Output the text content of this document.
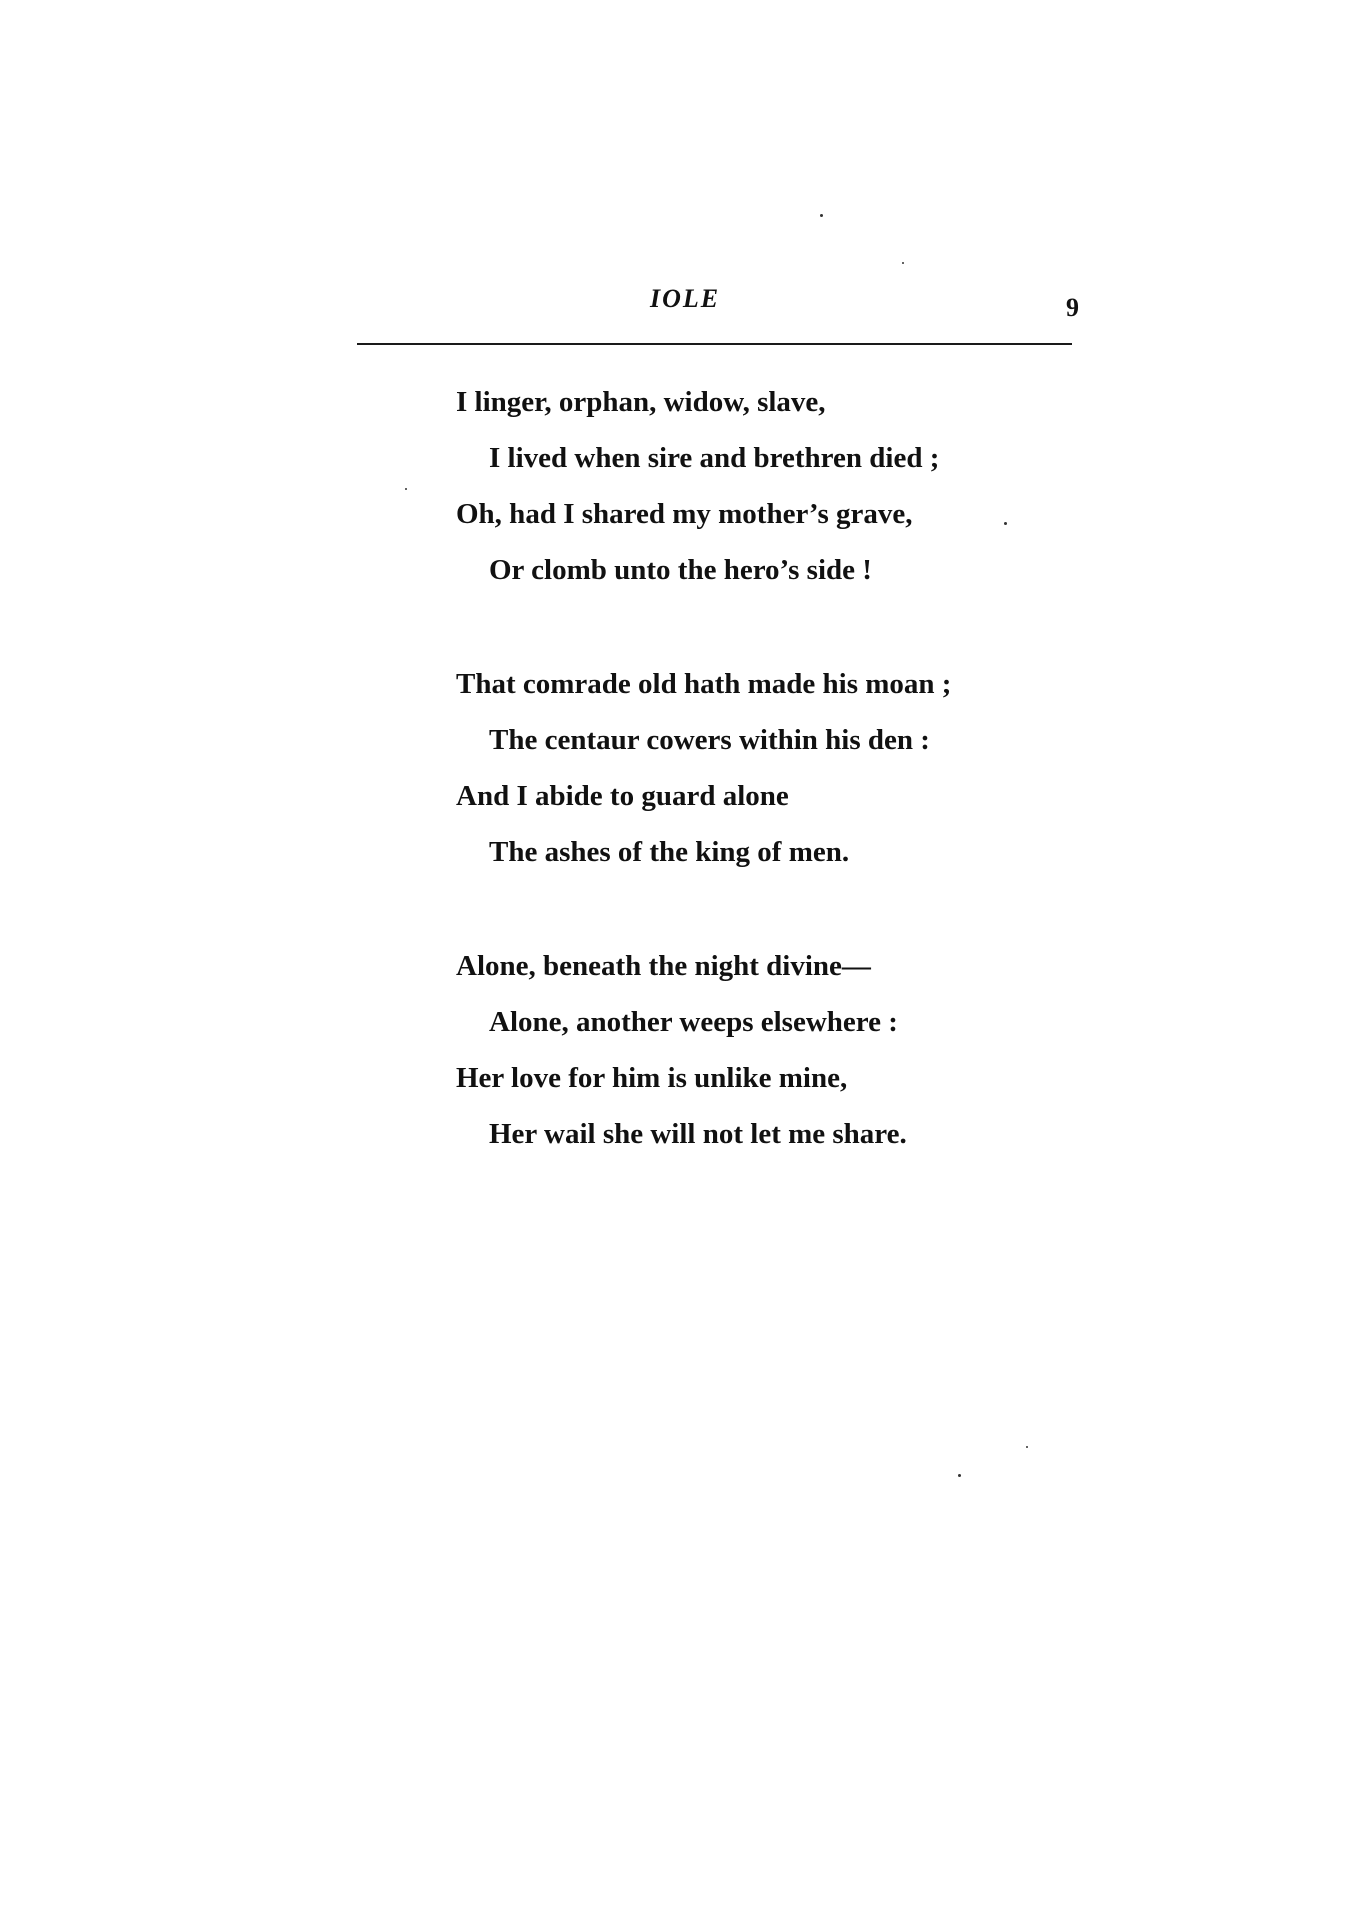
IOLE	9
I linger, orphan, widow, slave,
I lived when sire and brethren died ;
Oh, had I shared my mother’s grave,
Or clomb unto the hero’s side !
That comrade old hath made his moan ;
The centaur cowers within his den :
And I abide to guard alone
The ashes of the king of men.
Alone, beneath the night divine—
Alone, another weeps elsewhere :
Her love for him is unlike mine,
Her wail she will not let me share.
